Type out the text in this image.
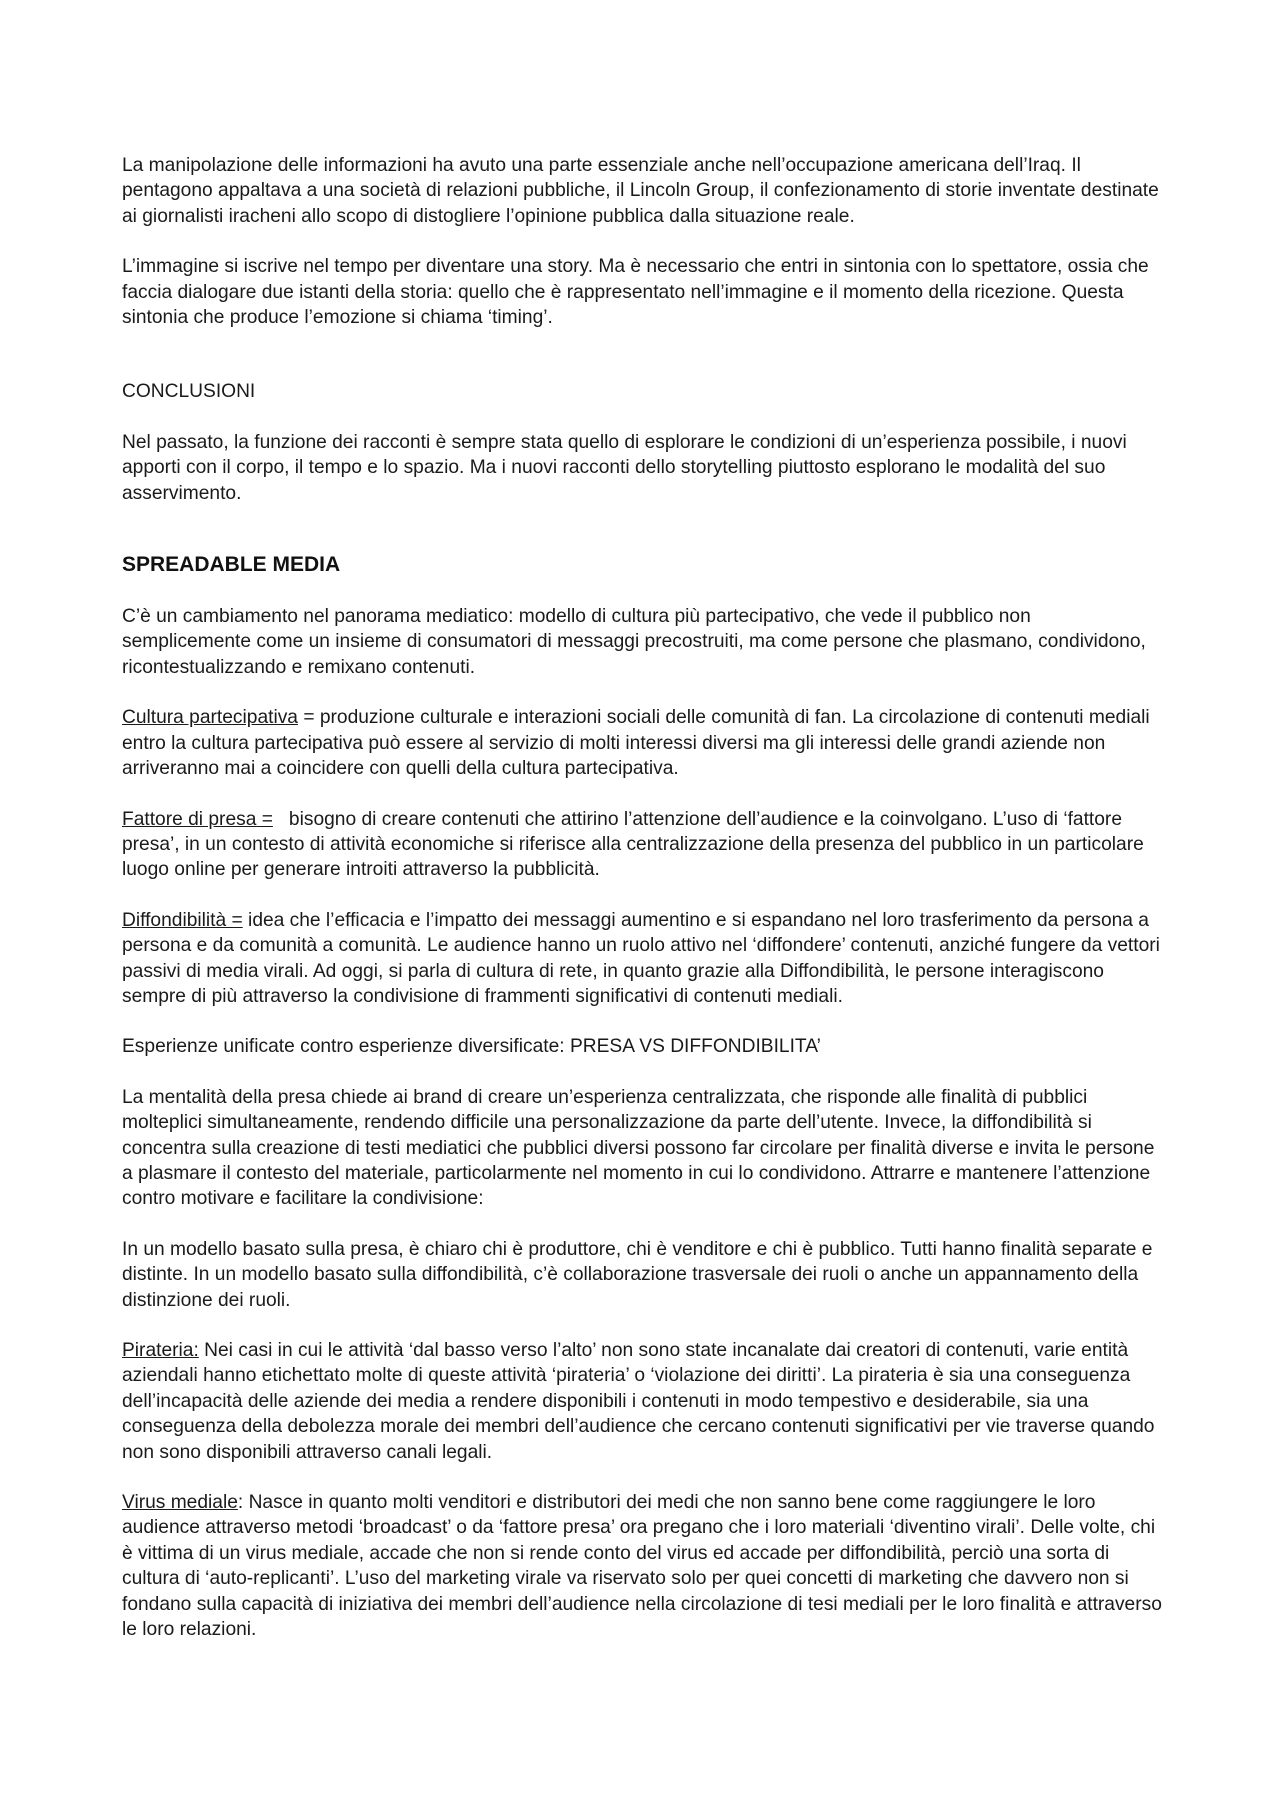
La manipolazione delle informazioni ha avuto una parte essenziale anche nell’occupazione americana dell’Iraq. Il pentagono appaltava a una società di relazioni pubbliche, il Lincoln Group, il confezionamento di storie inventate destinate ai giornalisti iracheni allo scopo di distogliere l’opinione pubblica dalla situazione reale.

L’immagine si iscrive nel tempo per diventare una story. Ma è necessario che entri in sintonia con lo spettatore, ossia che faccia dialogare due istanti della storia: quello che è rappresentato nell’immagine e il momento della ricezione. Questa sintonia che produce l’emozione si chiama ‘timing’.

CONCLUSIONI

Nel passato, la funzione dei racconti è sempre stata quello di esplorare le condizioni di un’esperienza possibile, i nuovi apporti con il corpo, il tempo e lo spazio. Ma i nuovi racconti dello storytelling piuttosto esplorano le modalità del suo asservimento.

SPREADABLE MEDIA

C’è un cambiamento nel panorama mediatico: modello di cultura più partecipativo, che vede il pubblico non semplicemente come un insieme di consumatori di messaggi precostruiti, ma come persone che plasmano, condividono, ricontestualizzando e remixano contenuti.

Cultura partecipativa = produzione culturale e interazioni sociali delle comunità di fan. La circolazione di contenuti mediali entro la cultura partecipativa può essere al servizio di molti interessi diversi ma gli interessi delle grandi aziende non arriveranno mai a coincidere con quelli della cultura partecipativa.

Fattore di presa =   bisogno di creare contenuti che attirino l’attenzione dell’audience e la coinvolgano. L’uso di ‘fattore presa’, in un contesto di attività economiche si riferisce alla centralizzazione della presenza del pubblico in un particolare luogo online per generare introiti attraverso la pubblicità.

Diffondibilità = idea che l’efficacia e l’impatto dei messaggi aumentino e si espandano nel loro trasferimento da persona a persona e da comunità a comunità. Le audience hanno un ruolo attivo nel ‘diffondere’ contenuti, anziché fungere da vettori passivi di media virali. Ad oggi, si parla di cultura di rete, in quanto grazie alla Diffondibilità, le persone interagiscono sempre di più attraverso la condivisione di frammenti significativi di contenuti mediali.

Esperienze unificate contro esperienze diversificate: PRESA VS DIFFONDIBILITA’

La mentalità della presa chiede ai brand di creare un’esperienza centralizzata, che risponde alle finalità di pubblici molteplici simultaneamente, rendendo difficile una personalizzazione da parte dell’utente. Invece, la diffondibilità si concentra sulla creazione di testi mediatici che pubblici diversi possono far circolare per finalità diverse e invita le persone a plasmare il contesto del materiale, particolarmente nel momento in cui lo condividono. Attrarre e mantenere l’attenzione contro motivare e facilitare la condivisione:

In un modello basato sulla presa, è chiaro chi è produttore, chi è venditore e chi è pubblico. Tutti hanno finalità separate e distinte. In un modello basato sulla diffondibilità, c’è collaborazione trasversale dei ruoli o anche un appannamento della distinzione dei ruoli.

Pirateria: Nei casi in cui le attività ‘dal basso verso l’alto’ non sono state incanalate dai creatori di contenuti, varie entità aziendali hanno etichettato molte di queste attività ‘pirateria’ o ‘violazione dei diritti’. La pirateria è sia una conseguenza dell’incapacità delle aziende dei media a rendere disponibili i contenuti in modo tempestivo e desiderabile, sia una conseguenza della debolezza morale dei membri dell’audience che cercano contenuti significativi per vie traverse quando non sono disponibili attraverso canali legali.

Virus mediale: Nasce in quanto molti venditori e distributori dei medi che non sanno bene come raggiungere le loro audience attraverso metodi ‘broadcast’ o da ‘fattore presa’ ora pregano che i loro materiali ‘diventino virali’. Delle volte, chi è vittima di un virus mediale, accade che non si rende conto del virus ed accade per diffondibilità, perciò una sorta di cultura di ‘auto-replicanti’. L’uso del marketing virale va riservato solo per quei concetti di marketing che davvero non si fondano sulla capacità di iniziativa dei membri dell’audience nella circolazione di tesi mediali per le loro finalità e attraverso le loro relazioni.
